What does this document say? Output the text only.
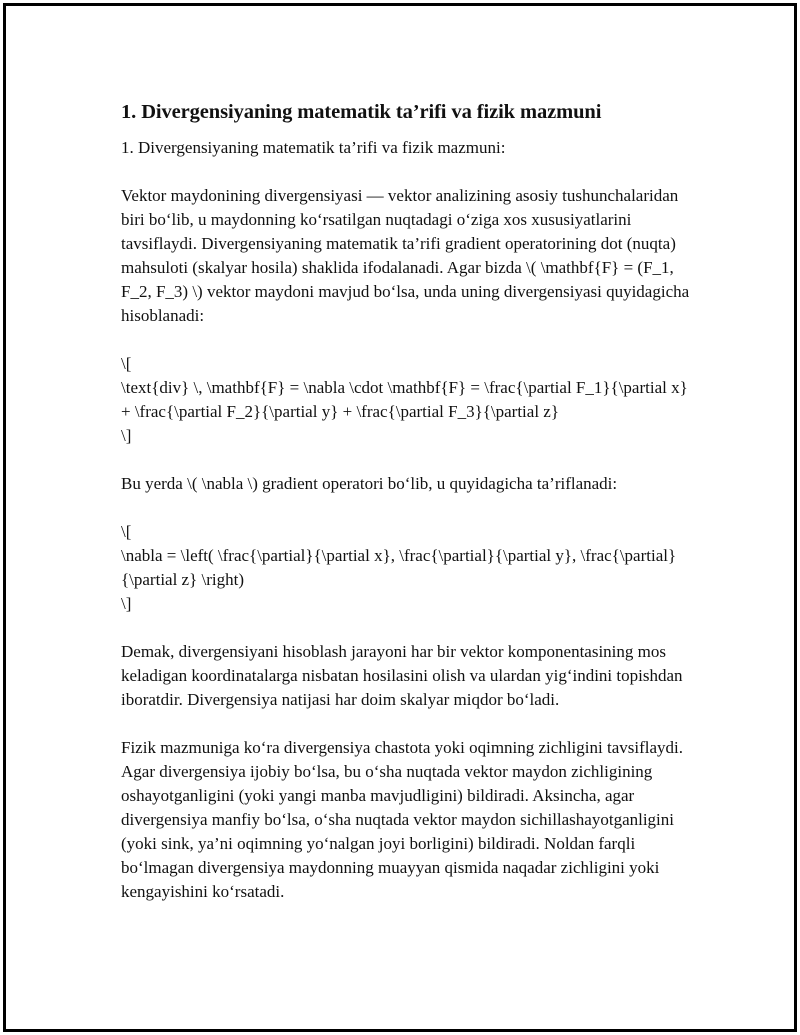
1. Divergensiyaning matematik ta’rifi va fizik mazmuni

1. Divergensiyaning matematik ta’rifi va fizik mazmuni:

Vektor maydonining divergensiyasi — vektor analizining asosiy tushunchalaridan biri bo‘lib, u maydonning ko‘rsatilgan nuqtadagi o‘ziga xos xususiyatlarini tavsiflaydi. Divergensiyaning matematik ta’rifi gradient operatorining dot (nuqta) mahsuloti (skalyar hosila) shaklida ifodalanadi. Agar bizda \( \mathbf{F} = (F_1, F_2, F_3) \) vektor maydoni mavjud bo‘lsa, unda uning divergensiyasi quyidagicha hisoblanadi:

\[
\text{div} \, \mathbf{F} = \nabla \cdot \mathbf{F} = \frac{\partial F_1}{\partial x} + \frac{\partial F_2}{\partial y} + \frac{\partial F_3}{\partial z}
\]

Bu yerda \( \nabla \) gradient operatori bo‘lib, u quyidagicha ta’riflanadi:

\[
\nabla = \left( \frac{\partial}{\partial x}, \frac{\partial}{\partial y}, \frac{\partial}{\partial z} \right)
\]

Demak, divergensiyani hisoblash jarayoni har bir vektor komponentasining mos keladigan koordinatalarga nisbatan hosilasini olish va ulardan yig‘indini topishdan iboratdir. Divergensiya natijasi har doim skalyar miqdor bo‘ladi.

Fizik mazmuniga ko‘ra divergensiya chastota yoki oqimning zichligini tavsiflaydi. Agar divergensiya ijobiy bo‘lsa, bu o‘sha nuqtada vektor maydon zichligining oshayotganligini (yoki yangi manba mavjudligini) bildiradi. Aksincha, agar divergensiya manfiy bo‘lsa, o‘sha nuqtada vektor maydon sichillashayotganligini (yoki sink, ya’ni oqimning yo‘nalgan joyi borligini) bildiradi. Noldan farqli bo‘lmagan divergensiya maydonning muayyan qismida naqadar zichligini yoki kengayishini ko‘rsatadi.
